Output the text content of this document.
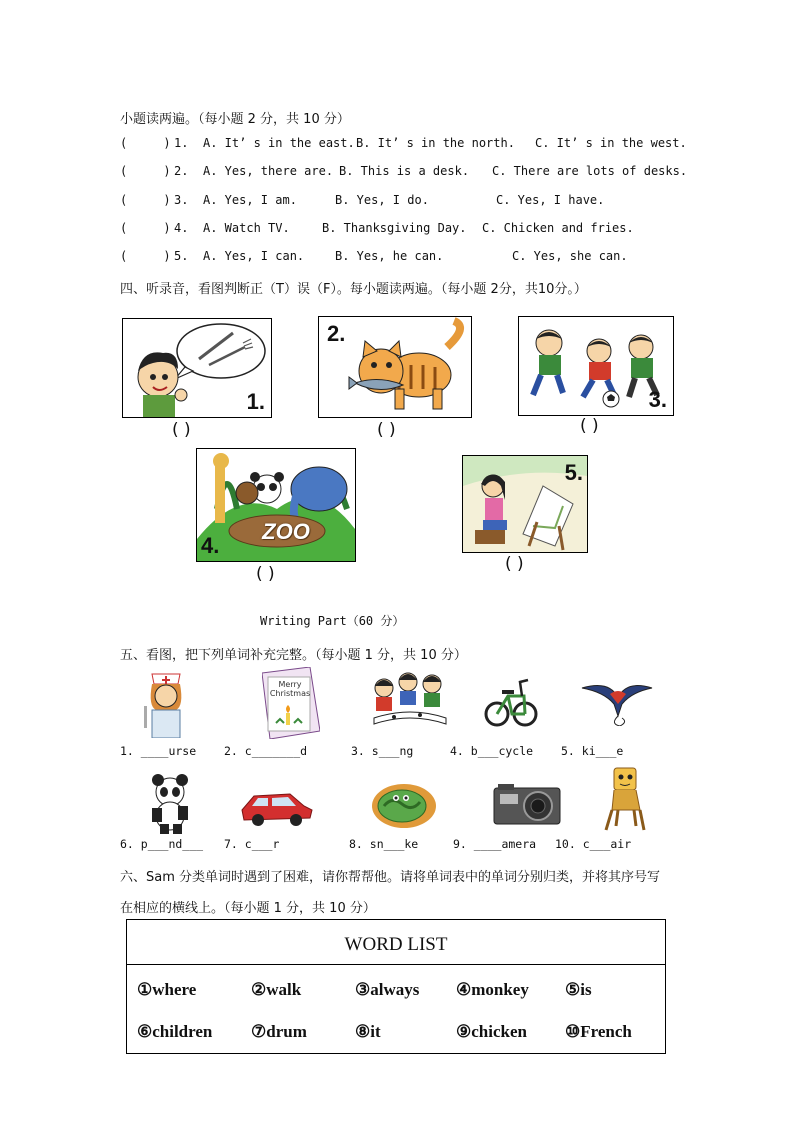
小题读两遍。（每小题 2 分，共 10 分）
(     ) 1. A. It’ s in the east. B. It’ s in the north. C. It’ s in the west.
(     ) 2. A. Yes, there are. B. This is a desk. C. There are lots of desks.
(     ) 3. A. Yes, I am.	B. Yes, I do.	C. Yes, I have.
(     ) 4. A. Watch TV.	B. Thanksgiving Day. C. Chicken and fries.
(     ) 5. A. Yes, I can.	B. Yes, he can.	C. Yes, she can.
四、听录音，看图判断正（T）误（F）。每小题读两遍。（每小题 2分，共10分。）
1.
( )
2.
( )
3.
( )
ZOO
4.
( )
5.
( )
Writing Part（60 分）
五、看图，把下列单词补充完整。（每小题 1 分，共 10 分）
Merry Christmas
1. ____urse 2. c_______d	3. s___ng	4. b___cycle 5. ki___e
6. p___nd___ 7. c___r	8. sn___ke	9. ____amera 10. c___air
六、Sam 分类单词时遇到了困难，请你帮帮他。请将单词表中的单词分别归类，并将其序号写
在相应的横线上。（每小题 1 分，共 10 分）
WORD LIST
①where	②walk	③always ④monkey ⑤is
⑥children ⑦drum	⑧it	⑨chicken ⑩French
